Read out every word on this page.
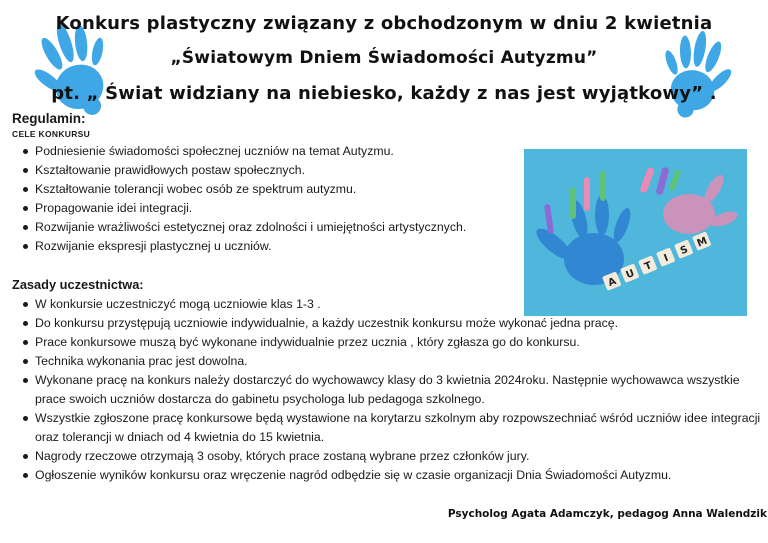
Konkurs plastyczny związany z obchodzonym w dniu 2 kwietnia
„Światowym Dniem Świadomości Autyzmu”
pt. „ Świat widziany na niebiesko, każdy z nas jest wyjątkowy” .
Regulamin:
CELE KONKURSU
Podniesienie świadomości społecznej uczniów na temat Autyzmu.
Kształtowanie prawidłowych postaw społecznych.
Kształtowanie tolerancji wobec osób ze spektrum autyzmu.
Propagowanie idei integracji.
Rozwijanie wrażliwości estetycznej oraz zdolności i umiejętności artystycznych.
Rozwijanie ekspresji plastycznej u uczniów.
Zasady uczestnictwa:
W konkursie uczestniczyć mogą uczniowie klas 1-3 .
Do konkursu przystępują uczniowie indywidualnie, a każdy uczestnik konkursu może wykonać jedna pracę.
Prace konkursowe muszą być wykonane indywidualnie przez ucznia , który zgłasza go do konkursu.
Technika wykonania prac jest dowolna.
Wykonane pracę na konkurs należy dostarczyć do wychowawcy klasy do 3 kwietnia 2024roku. Następnie wychowawca wszystkie prace swoich uczniów dostarcza do gabinetu psychologa lub pedagoga szkolnego.
Wszystkie zgłoszone pracę konkursowe będą wystawione na korytarzu szkolnym aby rozpowszechniać wśród uczniów idee integracji oraz tolerancji w dniach od 4 kwietnia do 15 kwietnia.
Nagrody rzeczowe otrzymają 3 osoby, których prace zostaną wybrane przez członków jury.
Ogłoszenie wyników konkursu oraz wręczenie nagród odbędzie się w czasie organizacji Dnia Świadomości Autyzmu.
A
U
T
I
S
M
Psycholog Agata Adamczyk, pedagog Anna Walendzik
